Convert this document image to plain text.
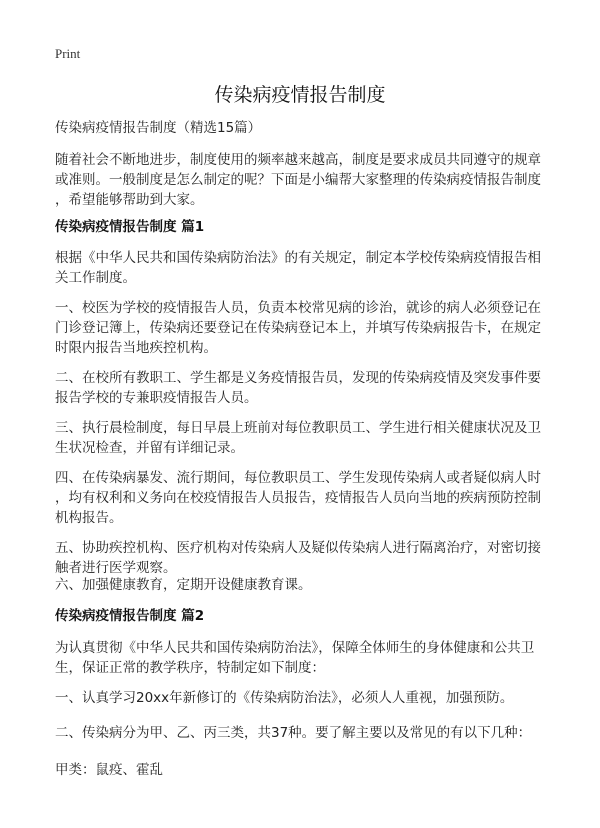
Print
传染病疫情报告制度
传染病疫情报告制度（精选15篇）
随着社会不断地进步，制度使用的频率越来越高，制度是要求成员共同遵守的规章
或准则。一般制度是怎么制定的呢？下面是小编帮大家整理的传染病疫情报告制度
，希望能够帮助到大家。
传染病疫情报告制度 篇1
根据《中华人民共和国传染病防治法》的有关规定，制定本学校传染病疫情报告相
关工作制度。
一、校医为学校的疫情报告人员，负责本校常见病的诊治，就诊的病人必须登记在
门诊登记簿上，传染病还要登记在传染病登记本上，并填写传染病报告卡，在规定
时限内报告当地疾控机构。
二、在校所有教职工、学生都是义务疫情报告员，发现的传染病疫情及突发事件要
报告学校的专兼职疫情报告人员。
三、执行晨检制度，每日早晨上班前对每位教职员工、学生进行相关健康状况及卫
生状况检查，并留有详细记录。
四、在传染病暴发、流行期间，每位教职员工、学生发现传染病人或者疑似病人时
，均有权利和义务向在校疫情报告人员报告，疫情报告人员向当地的疾病预防控制
机构报告。
五、协助疾控机构、医疗机构对传染病人及疑似传染病人进行隔离治疗，对密切接
触者进行医学观察。
六、加强健康教育，定期开设健康教育课。
传染病疫情报告制度 篇2
为认真贯彻《中华人民共和国传染病防治法》，保障全体师生的身体健康和公共卫
生，保证正常的教学秩序，特制定如下制度：
一、认真学习20xx年新修订的《传染病防治法》，必须人人重视，加强预防。
二、传染病分为甲、乙、丙三类，共37种。要了解主要以及常见的有以下几种：
甲类：鼠疫、霍乱
